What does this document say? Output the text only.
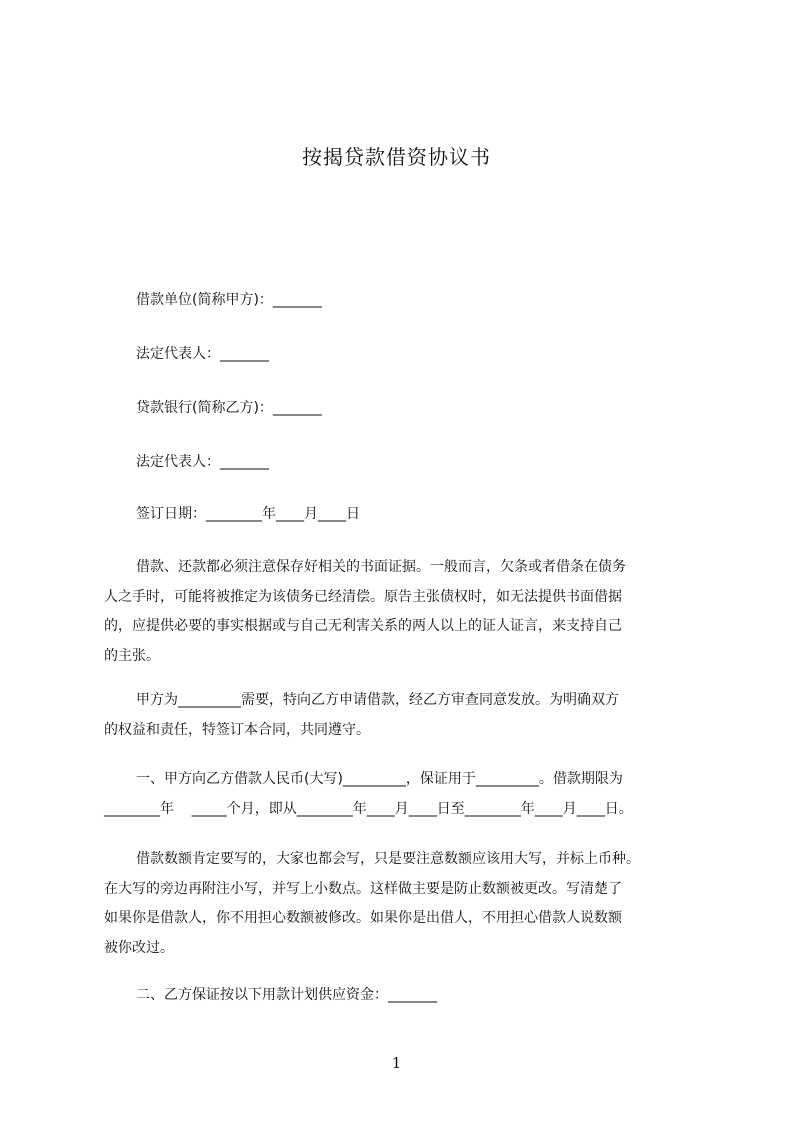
按揭贷款借资协议书
借款单位(简称甲方)：_______
法定代表人：_______
贷款银行(简称乙方)：_______
法定代表人：_______
签订日期：________年____月____日
借款、还款都必须注意保存好相关的书面证据。一般而言，欠条或者借条在债务
人之手时，可能将被推定为该债务已经清偿。原告主张债权时，如无法提供书面借据
的，应提供必要的事实根据或与自己无利害关系的两人以上的证人证言，来支持自己
的主张。
甲方为_________需要，特向乙方申请借款，经乙方审查同意发放。为明确双方
的权益和责任，特签订本合同，共同遵守。
一、甲方向乙方借款人民币(大写)_________，保证用于_________。借款期限为
________年    _____个月，即从________年____月____日至________年____月____日。
借款数额肯定要写的，大家也都会写，只是要注意数额应该用大写，并标上币种。
在大写的旁边再附注小写，并写上小数点。这样做主要是防止数额被更改。写清楚了
如果你是借款人，你不用担心数额被修改。如果你是出借人，不用担心借款人说数额
被你改过。
二、乙方保证按以下用款计划供应资金：_______
1
